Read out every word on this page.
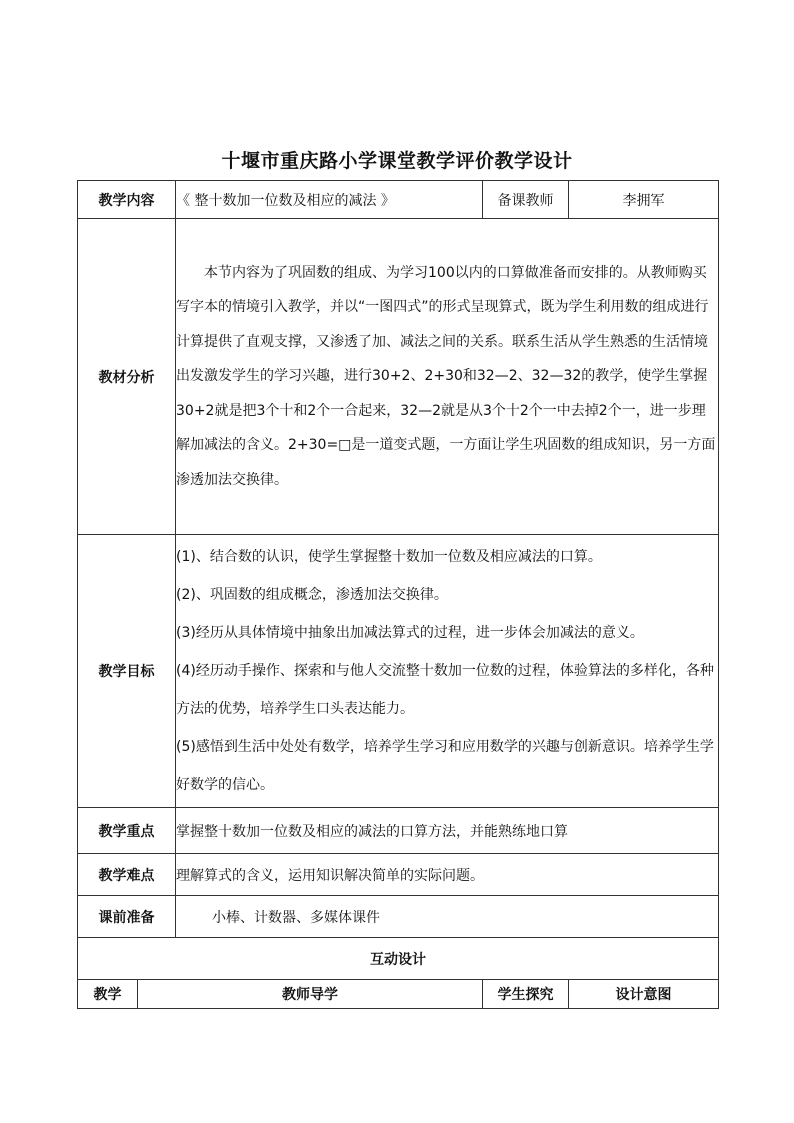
十堰市重庆路小学课堂教学评价教学设计
教学内容		《 整十数加一位数及相应的减法 》	备课教师	李拥军
教材分析		本节内容为了巩固数的组成、为学习100以内的口算做准备而安排的。从教师购买写字本的情境引入教学，并以“一图四式”的形式呈现算式，既为学生利用数的组成进行计算提供了直观支撑，又渗透了加、减法之间的关系。联系生活从学生熟悉的生活情境出发激发学生的学习兴趣，进行30+2、2+30和32—2、32—32的教学，使学生掌握30+2就是把3个十和2个一合起来，32—2就是从3个十2个一中去掉2个一，进一步理解加减法的含义。2+30=□是一道变式题，一方面让学生巩固数的组成知识，另一方面渗透加法交换律。		

教学目标		(1)、结合数的认识，使学生掌握整十数加一位数及相应减法的口算。

(2)、巩固数的组成概念，渗透加法交换律。

(3)经历从具体情境中抽象出加减法算式的过程，进一步体会加减法的意义。

(4)经历动手操作、探索和与他人交流整十数加一位数的过程，体验算法的多样化，各种方法的优势，培养学生口头表达能力。

(5)感悟到生活中处处有数学，培养学生学习和应用数学的兴趣与创新意识。培养学生学好数学的信心。		

教学重点		掌握整十数加一位数及相应的减法的口算方法，并能熟练地口算		
教学难点		理解算式的含义，运用知识解决简单的实际问题。		
课前准备		小棒、计数器、多媒体课件		
互动设计				
教学	教师导学		学生探究	设计意图
